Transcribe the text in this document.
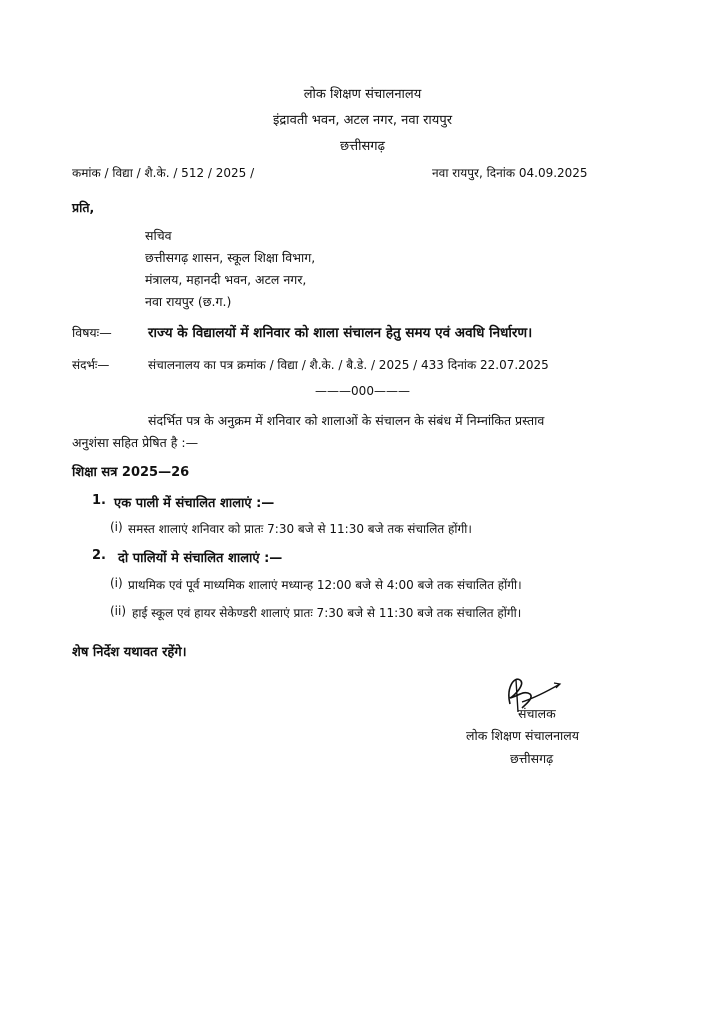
लोक शिक्षण संचालनालय
इंद्रावती भवन, अटल नगर, नवा रायपुर
छत्तीसगढ़
कमांक / विद्या / शै.के. / 512 / 2025 /	नवा रायपुर, दिनांक 04.09.2025
प्रति,
सचिव
छत्तीसगढ़ शासन, स्कूल शिक्षा विभाग,
मंत्रालय, महानदी भवन, अटल नगर,
नवा रायपुर (छ.ग.)
विषयः—	राज्य के विद्यालयों में शनिवार को शाला संचालन हेतु समय एवं अवधि निर्धारण।
संदर्भः—	संचालनालय का पत्र क्रमांक / विद्या / शै.के. / बै.डे. / 2025 / 433 दिनांक 22.07.2025
———000———
संदर्भित पत्र के अनुक्रम में शनिवार को शालाओं के संचालन के संबंध में निम्नांकित प्रस्ताव
अनुशंसा सहित प्रेषित है :—
शिक्षा सत्र 2025—26
1. एक पाली में संचालित शालाएं :—
(i) समस्त शालाएं शनिवार को प्रातः 7:30 बजे से 11:30 बजे तक संचालित होंगी।
2. दो पालियों मे संचालित शालाएं :—
(i) प्राथमिक एवं पूर्व माध्यमिक शालाएं मध्यान्ह 12:00 बजे से 4:00 बजे तक संचालित होंगी।
(ii) हाई स्कूल एवं हायर सेकेण्डरी शालाएं प्रातः 7:30 बजे से 11:30 बजे तक संचालित होंगी।
शेष निर्देश यथावत रहेंगे।
संचालक
लोक शिक्षण संचालनालय
छत्तीसगढ़
